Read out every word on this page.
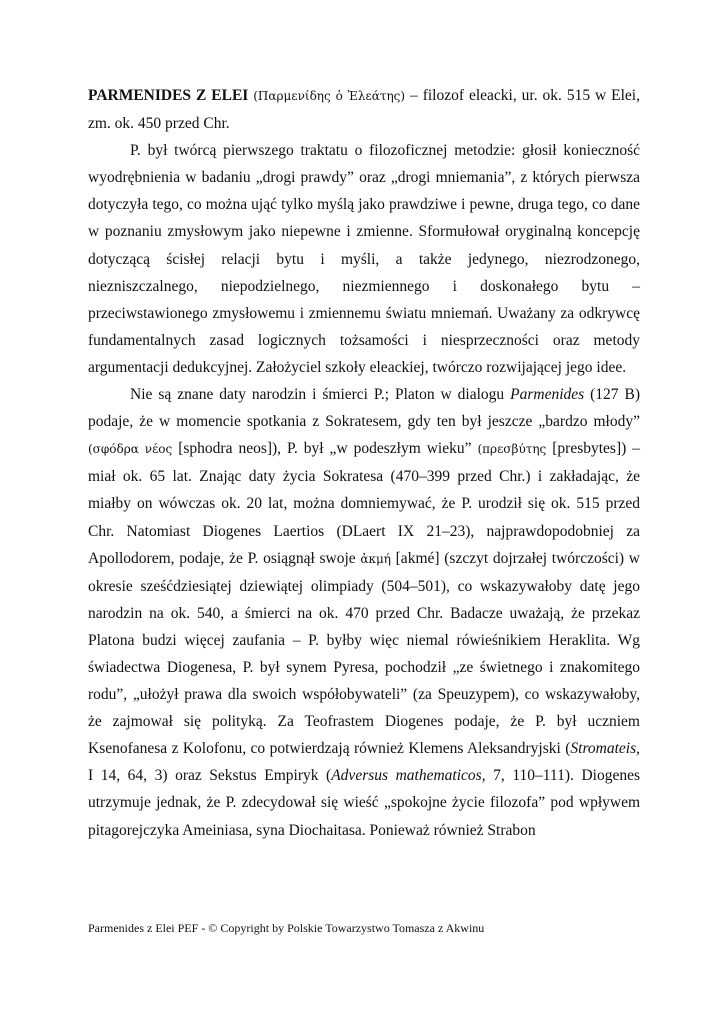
PARMENIDES Z ELEI (Παρμενίδης ὁ Ἐλεάτης) – filozof eleacki, ur. ok. 515 w Elei, zm. ok. 450 przed Chr.

P. był twórcą pierwszego traktatu o filozoficznej metodzie: głosił konieczność wyodrębnienia w badaniu „drogi prawdy” oraz „drogi mniemania”, z których pierwsza dotyczyła tego, co można ująć tylko myślą jako prawdziwe i pewne, druga tego, co dane w poznaniu zmysłowym jako niepewne i zmienne. Sformułował oryginalną koncepcję dotyczącą ścisłej relacji bytu i myśli, a także jedynego, niezrodzonego, niezniszczalnego, niepodzielnego, niezmiennego i doskonałego bytu – przeciwstawionego zmysłowemu i zmiennemu światu mniemań. Uważany za odkrywcę fundamentalnych zasad logicznych tożsamości i niesprzeczności oraz metody argumentacji dedukcyjnej. Założyciel szkoły eleackiej, twórczo rozwijającej jego idee.

Nie są znane daty narodzin i śmierci P.; Platon w dialogu Parmenides (127 B) podaje, że w momencie spotkania z Sokratesem, gdy ten był jeszcze „bardzo młody” (σφόδρα νέος [sphodra neos]), P. był „w podeszłym wieku” (πρεσβύτης [presbytes]) – miał ok. 65 lat. Znając daty życia Sokratesa (470–399 przed Chr.) i zakładając, że miałby on wówczas ok. 20 lat, można domniemywać, że P. urodził się ok. 515 przed Chr. Natomiast Diogenes Laertios (DLaert IX 21–23), najprawdopodobniej za Apollodorem, podaje, że P. osiągnął swoje ἀκμή [akmé] (szczyt dojrzałej twórczości) w okresie sześćdziesiątej dziewiątej olimpiady (504–501), co wskazywałoby datę jego narodzin na ok. 540, a śmierci na ok. 470 przed Chr. Badacze uważają, że przekaz Platona budzi więcej zaufania – P. byłby więc niemal rówieśnikiem Heraklita. Wg świadectwa Diogenesa, P. był synem Pyresa, pochodził „ze świetnego i znakomitego rodu”, „ułożył prawa dla swoich współobywateli” (za Speuzypem), co wskazywałoby, że zajmował się polityką. Za Teofrastem Diogenes podaje, że P. był uczniem Ksenofanesa z Kolofonu, co potwierdzają również Klemens Aleksandryjski (Stromateis, I 14, 64, 3) oraz Sekstus Empiryk (Adversus mathematicos, 7, 110–111). Diogenes utrzymuje jednak, że P. zdecydował się wieść „spokojne życie filozofa” pod wpływem pitagorejczyka Ameiniasa, syna Diochaitasa. Ponieważ również Strabon

Parmenides z Elei PEF - © Copyright by Polskie Towarzystwo Tomasza z Akwinu
